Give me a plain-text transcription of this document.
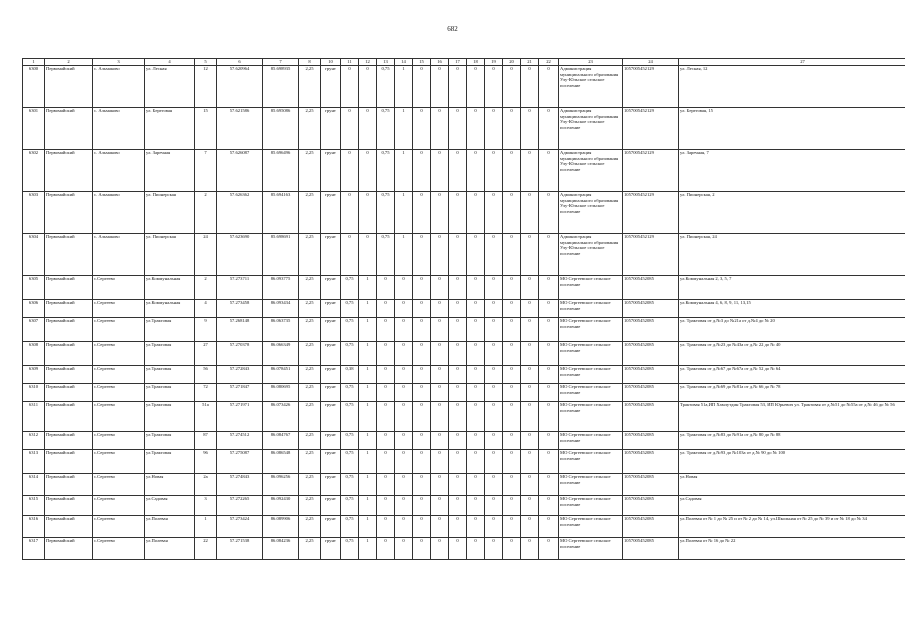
682
1	2	3	4	5	6	7	8	10	11	12	13	14	15	16	17	18	19	20	21	22	23	24	27
6300	Первомайский	с. Альмаково	ул. Лесная	12	57.620964	85.698935	2,25	грунт	0	0	0,75	1	0	0	0	0	0	0	0	0	Администрация муниципального образования Улу-Юльское сельское поселение	1057005452129	ул. Лесная, 12
6301	Первомайский	с. Альмаково	ул. Береговая	15	57.621586	85.695086	2,25	грунт	0	0	0,75	1	0	0	0	0	0	0	0	0	Администрация муниципального образования Улу-Юльское сельское поселение	1057005452129	ул. Береговая, 15
6302	Первомайский	с. Альмаково	ул. Заречная	7	57.626087	85.696496	2,25	грунт	0	0	0,75	1	0	0	0	0	0	0	0	0	Администрация муниципального образования Улу-Юльское сельское поселение	1057005452129	ул. Заречная, 7
6303	Первомайский	с. Альмаково	ул. Пионерская	2	57.626362	85.694163	2,25	грунт	0	0	0,75	1	0	0	0	0	0	0	0	0	Администрация муниципального образования Улу-Юльское сельское поселение	1057005452129	ул. Пионерская, 2
6304	Первомайский	с. Альмаково	ул. Пионерская	24	57.623690	85.698691	2,25	грунт	0	0	0,75	1	0	0	0	0	0	0	0	0	Администрация муниципального образования Улу-Юльское сельское поселение	1057005452129	ул. Пионерская, 24
6305	Первомайский	с.Сергеево	ул.Коммунальная	2	57.273711	86.093775	2,25	грунт	0,75	1	0	0	0	0	0	0	0	0	0	0	МО Сергеевское сельское поселение	1057005452085	ул.Коммунальная 2, 3, 5, 7
6306	Первомайский	с.Сергеево	ул.Коммунальная	4	57.273458	86.093434	2,25	грунт	0,75	1	0	0	0	0	0	0	0	0	0	0	МО Сергеевское сельское поселение	1057005452085	ул.Коммунальная 4, 6, 8, 9, 11, 13,15
6307	Первомайский	с.Сергеево	ул.Трактовая	9	57.268148	86.063735	2,25	грунт	0,75	1	0	0	0	0	0	0	0	0	0	0	МО Сергеевское сельское поселение	1057005452085	ул. Трактовая от д.№3 до №21а от д.№4 до № 20
6308	Первомайский	с.Сергеево	ул.Трактовая	27	57.270378	86.066349	2,25	грунт	0,75	1	0	0	0	0	0	0	0	0	0	0	МО Сергеевское сельское поселение	1057005452085	ул. Трактовая от д.№23 до №43а от д.№ 22 до № 40
6309	Первомайский	с.Сергеево	ул.Трактовая	56	57.272843	86.078451	2,25	грунт	0,38	1	0	0	0	0	0	0	0	0	0	0	МО Сергеевское сельское поселение	1057005452085	ул. Трактовая от д.№67 до №67а от д.№ 52 до № 64
6310	Первомайский	с.Сергеево	ул.Трактовая	72	57.271847	86.080695	2,25	грунт	0,75	1	0	0	0	0	0	0	0	0	0	0	МО Сергеевское сельское поселение	1057005452085	ул. Трактовая от д.№69 до №81а от д.№ 66 до № 78
6311	Первомайский	с.Сергеево	ул.Трактовая	51а	57.271971	86.073426	2,25	грунт	0,75	1	0	0	0	0	0	0	0	0	0	0	МО Сергеевское сельское поселение	1057005452085	Трактовая 51а,ИП Хамлутдин Трактовая 53, ИП Юрьевич ул. Трактовая от д.№51 до №55а от д.№ 46 до № 56
6312	Первомайский	с.Сергеево	ул.Трактовая	87	57.274512	86.084767	2,25	грунт	0,75	1	0	0	0	0	0	0	0	0	0	0	МО Сергеевское сельское поселение	1057005452085	ул. Трактовая от д.№83 до №91а от д.№ 80 до № 88
6313	Первомайский	с.Сергеево	ул.Трактовая	96	57.275087	86.086548	2,25	грунт	0,75	1	0	0	0	0	0	0	0	0	0	0	МО Сергеевское сельское поселение	1057005452085	ул. Трактовая от д.№93 до №103а от д.№ 90 до № 100
6314	Первомайский	с.Сергеево	ул.Новая	2а	57.274843	86.096256	2,25	грунт	0,75	1	0	0	0	0	0	0	0	0	0	0	МО Сергеевское сельское поселение	1057005452085	ул.Новая
6315	Первомайский	с.Сергеево	ул.Садовая	3	57.272265	86.092430	2,25	грунт	0,75	1	0	0	0	0	0	0	0	0	0	0	МО Сергеевское сельское поселение	1057005452085	ул.Садовая
6316	Первомайский	с.Сергеево	ул.Полевая	1	57.273424	86.089906	2,25	грунт	0,75	1	0	0	0	0	0	0	0	0	0	0	МО Сергеевское сельское поселение	1057005452085	ул.Полевая от № 1 до № 25 и от № 2 до № 14, ул.Школьная от № 25 до № 39 и от № 18 до № 34
6317	Первомайский	с.Сергеево	ул.Полевая	22	57.271538	86.084236	2,25	грунт	0,75	1	0	0	0	0	0	0	0	0	0	0	МО Сергеевское сельское поселение	1057005452085	ул.Полевая от № 16 до № 22
